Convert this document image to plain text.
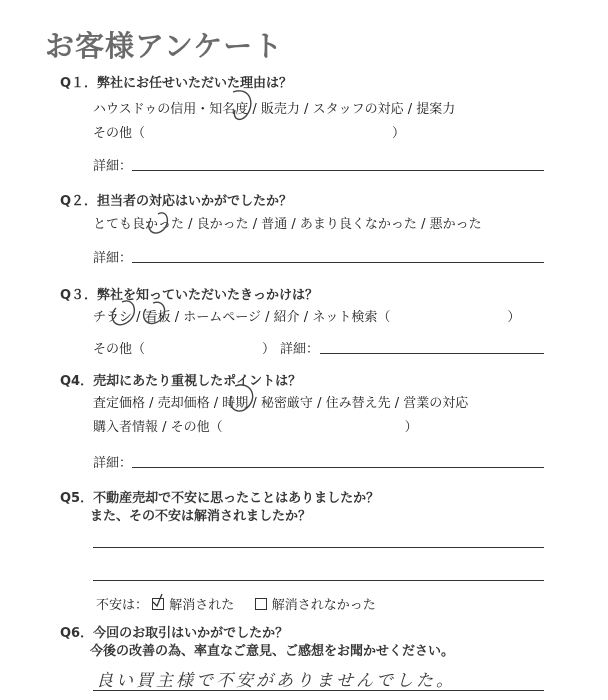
お客様アンケート
Q１．弊社にお任せいただいた理由は？
ハウスドゥの信用・知名度 / 販売力 / スタッフの対応 / 提案力
その他（　　　　　　　　　　　　　　　　　　　）
詳細：
Q２．担当者の対応はいかがでしたか？
とても良かった / 良かった / 普通 / あまり良くなかった / 悪かった
詳細：
Q３．弊社を知っていただいたきっかけは？
チラシ / 看板 / ホームページ / 紹介 / ネット検索（　　　　　　　　　）
その他（　　　　　　　　　） 詳細：
Q4．売却にあたり重視したポイントは？
査定価格 / 売却価格 / 時期 / 秘密厳守 / 住み替え先 / 営業の対応
購入者情報 / その他（　　　　　　　　　　　　　　）
詳細：
Q5．不動産売却で不安に思ったことはありましたか？
また、その不安は解消されましたか？
不安は： 解消された	解消されなかった
Q6．今回のお取引はいかがでしたか？
今後の改善の為、率直なご意見、ご感想をお聞かせください。
良い買主様で不安がありませんでした。
